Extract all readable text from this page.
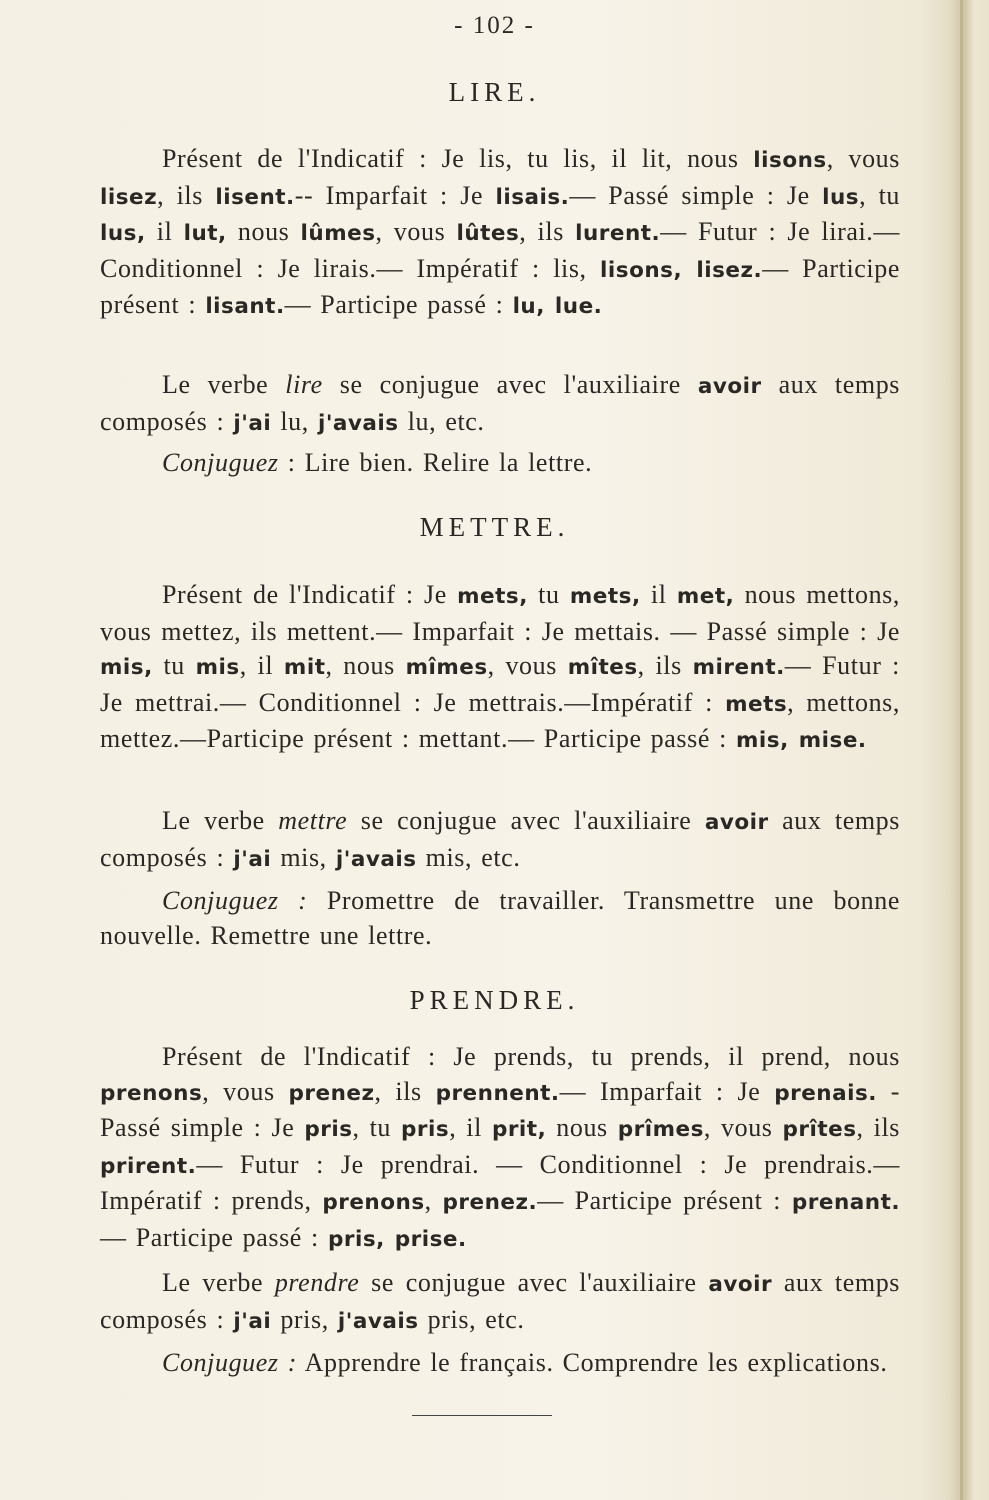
- 102 -
LIRE.
Présent de l'Indicatif : Je lis, tu lis, il lit, nous lisons, vous lisez, ils lisent.-- Imparfait : Je lisais.— Passé simple : Je lus, tu lus, il lut, nous lûmes, vous lûtes, ils lurent.— Futur : Je lirai.— Conditionnel : Je lirais.— Impératif : lis, lisons, lisez.— Participe présent : lisant.— Participe passé : lu, lue.
Le verbe lire se conjugue avec l'auxiliaire avoir aux temps composés : j'ai lu, j'avais lu, etc.
Conjuguez : Lire bien. Relire la lettre.
METTRE.
Présent de l'Indicatif : Je mets, tu mets, il met, nous mettons, vous mettez, ils mettent.— Imparfait : Je mettais. — Passé simple : Je mis, tu mis, il mit, nous mîmes, vous mîtes, ils mirent.— Futur : Je mettrai.— Conditionnel : Je mettrais.—Impératif : mets, mettons, mettez.—Participe présent : mettant.— Participe passé : mis, mise.
Le verbe mettre se conjugue avec l'auxiliaire avoir aux temps composés : j'ai mis, j'avais mis, etc.
Conjuguez : Promettre de travailler. Transmettre une bonne nouvelle. Remettre une lettre.
PRENDRE.
Présent de l'Indicatif : Je prends, tu prends, il prend, nous prenons, vous prenez, ils prennent.— Imparfait : Je prenais. - Passé simple : Je pris, tu pris, il prit, nous prîmes, vous prîtes, ils prirent.— Futur : Je prendrai. — Conditionnel : Je prendrais.— Impératif : prends, prenons, prenez.— Participe présent : prenant.— Participe passé : pris, prise.
Le verbe prendre se conjugue avec l'auxiliaire avoir aux temps composés : j'ai pris, j'avais pris, etc.
Conjuguez : Apprendre le français. Comprendre les explications.
